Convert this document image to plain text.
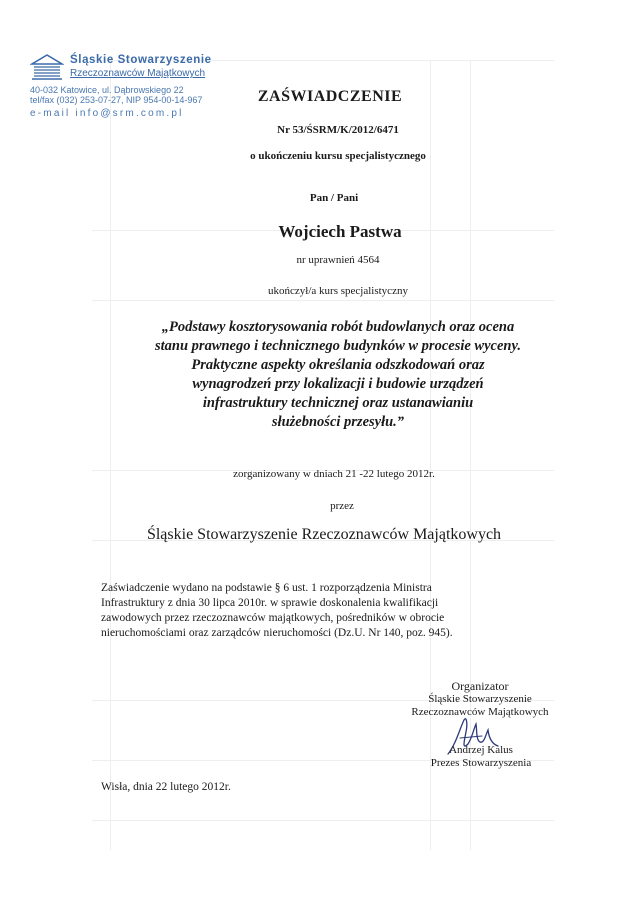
Śląskie Stowarzyszenie
Rzeczoznawców Majątkowych
40-032 Katowice, ul. Dąbrowskiego 22
tel/fax (032) 253-07-27, NIP 954-00-14-967
e-mail info@srm.com.pl
ZAŚWIADCZENIE
Nr 53/ŚSRM/K/2012/6471
o ukończeniu kursu specjalistycznego
Pan / Pani
Wojciech Pastwa
nr uprawnień 4564
ukończył/a kurs specjalistyczny
„Podstawy kosztorysowania robót budowlanych oraz ocena
stanu prawnego i technicznego budynków w procesie wyceny.
Praktyczne aspekty określania odszkodowań oraz
wynagrodzeń przy lokalizacji i budowie urządzeń
infrastruktury technicznej oraz ustanawianiu
służebności przesyłu.”
zorganizowany w dniach 21 -22 lutego 2012r.
przez
Śląskie Stowarzyszenie Rzeczoznawców Majątkowych
Zaświadczenie wydano na podstawie § 6 ust. 1 rozporządzenia Ministra
Infrastruktury z dnia 30 lipca 2010r. w sprawie doskonalenia kwalifikacji
zawodowych przez rzeczoznawców majątkowych, pośredników w obrocie
nieruchomościami oraz zarządców nieruchomości (Dz.U. Nr 140, poz. 945).
Organizator
Śląskie Stowarzyszenie
Rzeczoznawców Majątkowych
Andrzej Kalus
Prezes Stowarzyszenia
Wisła, dnia 22 lutego 2012r.
